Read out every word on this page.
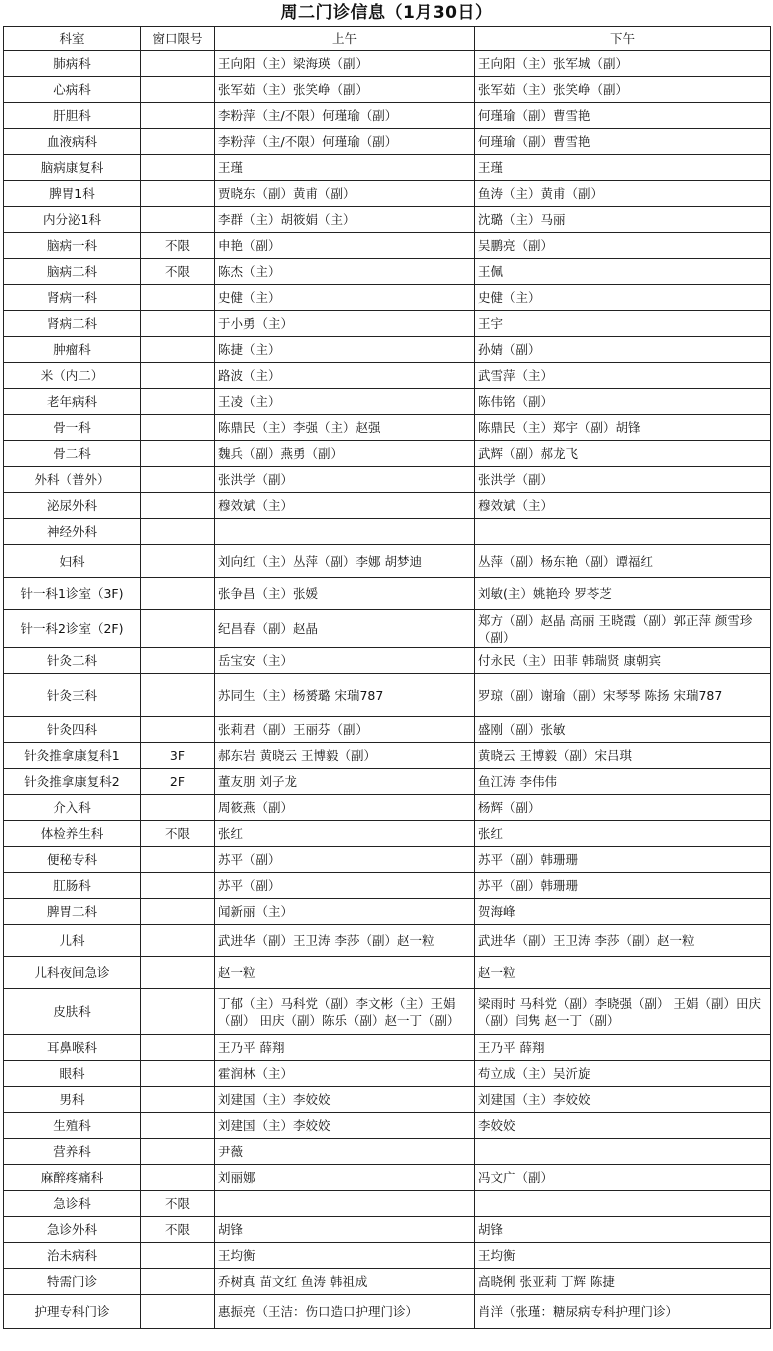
周二门诊信息（1月30日）
科室	窗口限号	上午	下午
肺病科		王向阳（主）梁海瑛（副）	王向阳（主）张军城（副）
心病科		张军茹（主）张笑峥（副）	张军茹（主）张笑峥（副）
肝胆科		李粉萍（主/不限）何瑾瑜（副）	何瑾瑜（副）曹雪艳
血液病科		李粉萍（主/不限）何瑾瑜（副）	何瑾瑜（副）曹雪艳
脑病康复科		王瑾	王瑾
脾胃1科		贾晓东（副）黄甫（副）	鱼涛（主）黄甫（副）
内分泌1科		李群（主）胡筱娟（主）	沈璐（主）马丽
脑病一科	不限	申艳（副）	吴鹏亮（副）
脑病二科	不限	陈杰（主）	王佩
肾病一科		史健（主）	史健（主）
肾病二科		于小勇（主）	王宇
肿瘤科		陈捷（主）	孙婧（副）
米（内二）		路波（主）	武雪萍（主）
老年病科		王凌（主）	陈伟铭（副）
骨一科		陈鼎民（主）李强（主）赵强	陈鼎民（主）郑宇（副）胡锋
骨二科		魏兵（副）燕勇（副）	武辉（副）郝龙飞
外科（普外）		张洪学（副）	张洪学（副）
泌尿外科		穆效斌（主）	穆效斌（主）
神经外科			
妇科		刘向红（主）丛萍（副）李娜 胡梦迪	丛萍（副）杨东艳（副）谭福红
针一科1诊室（3F)		张争昌（主）张媛	刘敏(主）姚艳玲 罗苓芝
针一科2诊室（2F)		纪昌春（副）赵晶	郑方（副）赵晶 高丽 王晓霞（副）郭正萍 颜雪珍（副）
针灸二科		岳宝安（主）	付永民（主）田菲 韩瑞贤 康朝宾
针灸三科		苏同生（主）杨赟璐 宋瑞787	罗琼（副）谢瑜（副）宋琴琴 陈扬 宋瑞787
针灸四科		张莉君（副）王丽芬（副）	盛刚（副）张敏
针灸推拿康复科1	3F	郝东岩 黄晓云 王博毅（副）	黄晓云 王博毅（副）宋吕琪
针灸推拿康复科2	2F	董友朋 刘子龙	鱼江涛 李伟伟
介入科		周筱燕（副）	杨辉（副）
体检养生科	不限	张红	张红
便秘专科		苏平（副）	苏平（副）韩珊珊
肛肠科		苏平（副）	苏平（副）韩珊珊
脾胃二科		闻新丽（主）	贺海峰
儿科		武进华（副）王卫涛 李莎（副）赵一粒	武进华（副）王卫涛 李莎（副）赵一粒
儿科夜间急诊		赵一粒	赵一粒
皮肤科		丁郁（主）马科党（副）李文彬（主）王娟（副） 田庆（副）陈乐（副）赵一丁（副）	梁雨时 马科党（副）李晓强（副） 王娟（副）田庆（副）闫隽 赵一丁（副）
耳鼻喉科		王乃平 薛翔	王乃平 薛翔
眼科		霍润林（主）	苟立成（主）吴沂旋
男科		刘建国（主）李姣姣	刘建国（主）李姣姣
生殖科		刘建国（主）李姣姣	李姣姣
营养科		尹薇	
麻醉疼痛科		刘丽娜	冯文广（副）
急诊科	不限		
急诊外科	不限	胡锋	胡锋
治未病科		王均衡	王均衡
特需门诊		乔树真 苗文红 鱼涛 韩祖成	高晓俐 张亚莉 丁辉 陈捷
护理专科门诊		惠振亮（王洁：伤口造口护理门诊）	肖洋（张瑾：糖尿病专科护理门诊）
